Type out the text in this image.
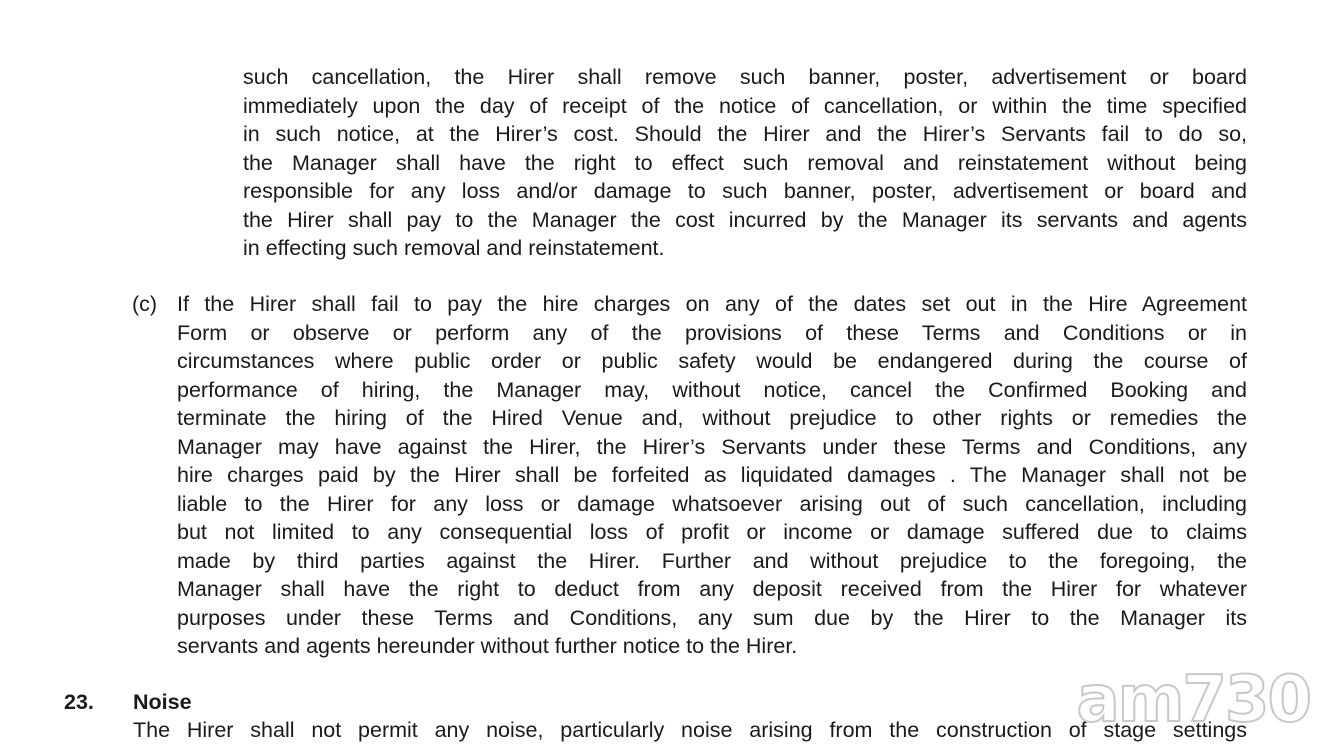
such cancellation, the Hirer shall remove such banner, poster, advertisement or board
immediately upon the day of receipt of the notice of cancellation, or within the time specified
in such notice, at the Hirer’s cost. Should the Hirer and the Hirer’s Servants fail to do so,
the Manager shall have the right to effect such removal and reinstatement without being
responsible for any loss and/or damage to such banner, poster, advertisement or board and
the Hirer shall pay to the Manager the cost incurred by the Manager its servants and agents
in effecting such removal and reinstatement.
(c) If the Hirer shall fail to pay the hire charges on any of the dates set out in the Hire Agreement
Form or observe or perform any of the provisions of these Terms and Conditions or in
circumstances where public order or public safety would be endangered during the course of
performance of hiring, the Manager may, without notice, cancel the Confirmed Booking and
terminate the hiring of the Hired Venue and, without prejudice to other rights or remedies the
Manager may have against the Hirer, the Hirer’s Servants under these Terms and Conditions, any
hire charges paid by the Hirer shall be forfeited as liquidated damages . The Manager shall not be
liable to the Hirer for any loss or damage whatsoever arising out of such cancellation, including
but not limited to any consequential loss of profit or income or damage suffered due to claims
made by third parties against the Hirer. Further and without prejudice to the foregoing, the
Manager shall have the right to deduct from any deposit received from the Hirer for whatever
purposes under these Terms and Conditions, any sum due by the Hirer to the Manager its
servants and agents hereunder without further notice to the Hirer.
23. Noise
The Hirer shall not permit any noise, particularly noise arising from the construction of stage settings
am730
